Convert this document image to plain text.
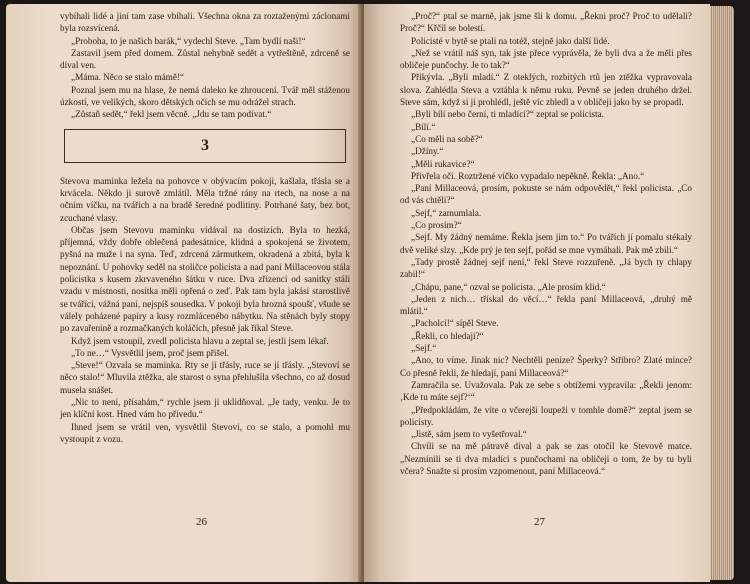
vybíhali lidé a jiní tam zase vbíhali. Všechna okna za roztaženými záclonami byla rozsvícená.

„Proboha, to je našich barák,“ vydechl Steve. „Tam bydlí naši!“

Zastavil jsem před domem. Zůstal nehybně sedět a vytřeštěně, zdrceně se díval ven.

„Máma. Něco se stalo mámě!“

Poznal jsem mu na hlase, že nemá daleko ke zhroucení. Tvář měl stáženou úzkostí, ve velikých, skoro dětských očích se mu odrážel strach.

„Zůstaň sedět,“ řekl jsem věcně. „Jdu se tam podívat.“

3

Stevova maminka ležela na pohovce v obývacím pokoji, kašlala, třásla se a krvácela. Někdo ji surově zmlátil. Měla tržné rány na rtech, na nose a na očním víčku, na tvářích a na bradě šeredné podlitiny. Potrhané šaty, bez bot, zcuchané vlasy.

Občas jsem Stevovu maminku vídával na dostizích. Byla to hezká, příjemná, vždy dobře oblečená padesátnice, klidná a spokojená se životem, pyšná na muže i na syna. Teď, zdrcená zármutkem, okradená a zbitá, byla k nepoznání. U pohovky seděl na stoličce policista a nad paní Millaceovou stála policistka s kusem zkrvaveného šátku v ruce. Dva zřízenci od sanitky stáli vzadu v místnosti, nosítka měli opřená o zeď. Pak tam byla jakási starostlivě se tvářící, vážná paní, nejspíš sousedka. V pokoji byla hrozná spoušť, všude se válely poházené papíry a kusy rozmlácenébo nábytku. Na stěnách byly stopy po zavařenině a rozmačkaných koláčích, přesně jak říkal Steve.

Když jsem vstoupil, zvedl policista hlavu a zeptal se, jestli jsem lékař.

„To ne…“ Vysvětlil jsem, proč jsem přišel.

„Steve!“ Ozvala se maminka. Rty se jí třásly, ruce se jí třásly. „Stevoví se něco stalo!“ Mluvila ztěžka, ale starost o syna přehlušila všechno, co až dosud musela snášet.

„Nic to není, přísahám,“ rychle jsem ji uklidňoval. „Je tady, venku. Je to jen klíční kost. Hned vám ho přivedu.“

Ihned jsem se vrátil ven, vysvětlil Stevovi, co se stalo, a pomohl mu vystoupit z vozu.

26

„Proč?“ ptal se marně, jak jsme šli k domu. „Řekni proč? Proč to udělali? Proč?“ Křčil se bolestí.

Policisté v bytě se ptali na totéž, stejně jako další lidé.

„Než se vrátil náš syn, tak jste přece vyprávěla, že byli dva a že měli přes obličeje punčochy. Je to tak?“

Přikývla. „Byli mladí.“ Z oteklých, rozbitých rtů jen ztěžka vypravovala slova. Zahlédla Steva a vztáhla k němu ruku. Pevně se jeden druhého držel. Steve sám, když si ji prohlédl, ještě víc zbledl a v obličeji jako by se propadl.

„Byli bílí nebo černí, ti mladíci?“ zeptal se policista.

„Bílí.“

„Co měli na sobě?“

„Džíny.“

„Měli rukavice?“

Přivřela oči. Roztržené víčko vypadalo nepěkně. Řekla: „Ano.“

„Paní Millaceová, prosím, pokuste se nám odpovědět,“ řekl policista. „Co od vás chtěli?“

„Sejf,“ zamumlala.

„Co prosím?“

„Sejf. My žádný nemáme. Řekla jsem jim to.“ Po tvářích jí pomalu stékaly dvě veliké slzy. „Kde prý je ten sejf, pořád se mne vymáhali. Pak mě zbili.“

„Tady prostě žádnej sejf není,“ řekl Steve rozzuřeně. „Já bych ty chlapy zabil!“

„Chápu, pane,“ ozval se policista. „Ale prosím klid.“

„Jeden z nich… třískal do věcí…“ řekla paní Millaceová, „druhý mě mlátil.“

„Pacholci!“ sípěl Steve.

„Řekli, co hledají?“

„Sejf.“

„Ano, to víme. Jinak nic? Nechtěli peníze? Šperky? Stříbro? Zlaté mince? Co přesně řekli, že hledají, paní Millaceová?“

Zamračila se. Uvažovala. Pak ze sebe s obtížemi vypravila: „Řekli jenom: ‚Kde tu máte sejf?‘“

„Předpokládám, že víte o včerejší loupeži v tomhle domě?“ zeptal jsem se policisty.

„Jistě, sám jsem to vyšetřoval.“

Chvíli se na mě pátravě díval a pak se zas otočil ke Stevově matce. „Nezmínili se ti dva mladíci s punčochami na obličeji o tom, že by tu byli včera? Snažte si prosím vzpomenout, paní Millaceová.“

27
